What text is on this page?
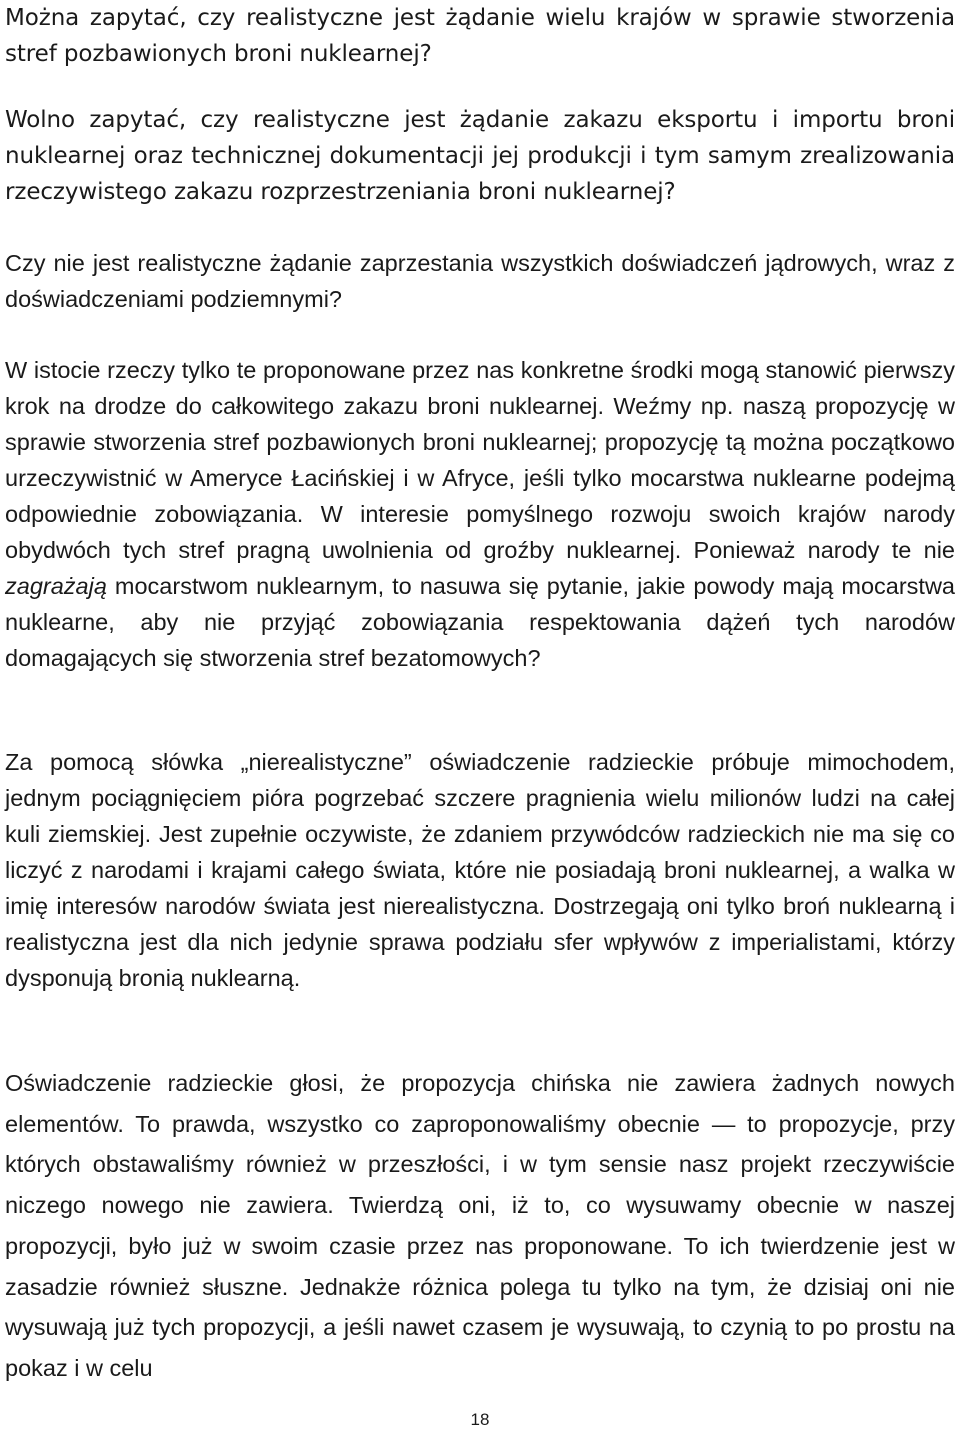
Można zapytać, czy realistyczne jest żądanie wielu krajów w sprawie stworzenia stref pozbawionych broni nuklearnej?

Wolno zapytać, czy realistyczne jest żądanie zakazu eksportu i importu broni nuklearnej oraz technicznej dokumentacji jej produkcji i tym samym zrealizowania rzeczywistego zakazu rozprzestrzeniania broni nuklearnej?

Czy nie jest realistyczne żądanie zaprzestania wszystkich doświadczeń jądrowych, wraz z doświadczeniami podziemnymi?

W istocie rzeczy tylko te proponowane przez nas konkretne środki mogą stanowić pierwszy krok na drodze do całkowitego zakazu broni nuklearnej. Weźmy np. naszą propozycję w sprawie stworzenia stref pozbawionych broni nuklearnej; propozycję tą można początkowo urzeczywistnić w Ameryce Łacińskiej i w Afryce, jeśli tylko mocarstwa nuklearne podejmą odpowiednie zobowiązania. W interesie pomyślnego rozwoju swoich krajów narody obydwóch tych stref pragną uwolnienia od groźby nuklearnej. Ponieważ narody te nie zagrażają mocarstwom nuklearnym, to nasuwa się pytanie, jakie powody mają mocarstwa nuklearne, aby nie przyjąć zobowiązania respektowania dążeń tych narodów domagających się stworzenia stref bezatomowych?

Za pomocą słówka „nierealistyczne” oświadczenie radzieckie próbuje mimochodem, jednym pociągnięciem pióra pogrzebać szczere pragnienia wielu milionów ludzi na całej kuli ziemskiej. Jest zupełnie oczywiste, że zdaniem przywódców radzieckich nie ma się co liczyć z narodami i krajami całego świata, które nie posiadają broni nuklearnej, a walka w imię interesów narodów świata jest nierealistyczna. Dostrzegają oni tylko broń nuklearną i realistyczna jest dla nich jedynie sprawa podziału sfer wpływów z imperialistami, którzy dysponują bronią nuklearną.

Oświadczenie radzieckie głosi, że propozycja chińska nie zawiera żadnych nowych elementów. To prawda, wszystko co zaproponowaliśmy obecnie — to propozycje, przy których obstawaliśmy również w przeszłości, i w tym sensie nasz projekt rzeczywiście niczego nowego nie zawiera. Twierdzą oni, iż to, co wysuwamy obecnie w naszej propozycji, było już w swoim czasie przez nas proponowane. To ich twierdzenie jest w zasadzie również słuszne. Jednakże różnica polega tu tylko na tym, że dzisiaj oni nie wysuwają już tych propozycji, a jeśli nawet czasem je wysuwają, to czynią to po prostu na pokaz i w celu

18
